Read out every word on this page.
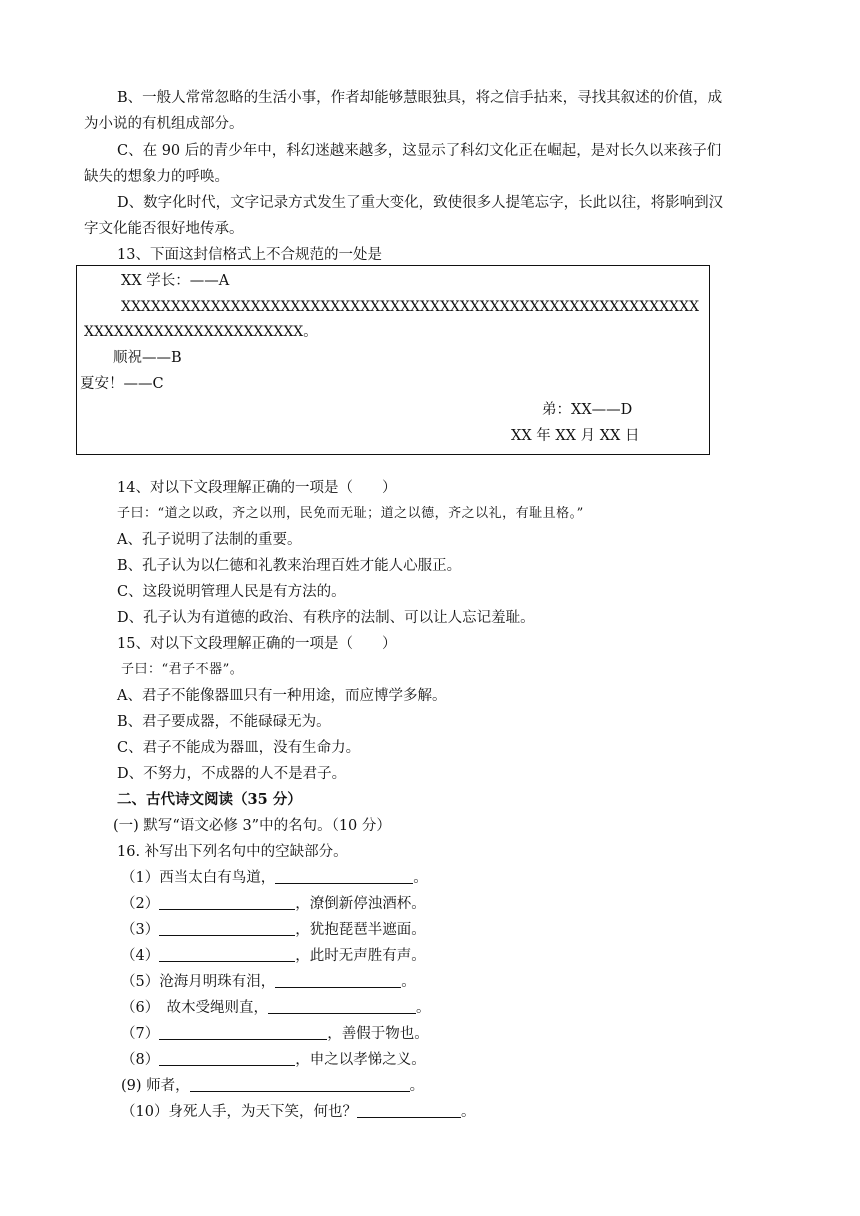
B、一般人常常忽略的生活小事，作者却能够慧眼独具，将之信手拈来，寻找其叙述的价值，成
为小说的有机组成部分。
C、在 90 后的青少年中，科幻迷越来越多，这显示了科幻文化正在崛起，是对长久以来孩子们
缺失的想象力的呼唤。
D、数字化时代，文字记录方式发生了重大变化，致使很多人提笔忘字，长此以往，将影响到汉
字文化能否很好地传承。
13、下面这封信格式上不合规范的一处是
XX 学长：——A
XXXXXXXXXXXXXXXXXXXXXXXXXXXXXXXXXXXXXXXXXXXXXXXXXXXXXXXXXX
XXXXXXXXXXXXXXXXXXXXXX。
顺祝——B
夏安！——C
弟：XX——D
XX 年 XX 月 XX 日
14、对以下文段理解正确的一项是（　　）
子曰：“道之以政，齐之以刑，民免而无耻；道之以德，齐之以礼，有耻且格。”
A、孔子说明了法制的重要。
B、孔子认为以仁德和礼教来治理百姓才能人心服正。
C、这段说明管理人民是有方法的。
D、孔子认为有道德的政治、有秩序的法制、可以让人忘记羞耻。
15、对以下文段理解正确的一项是（　　）
子曰：“君子不器”。
A、君子不能像器皿只有一种用途，而应博学多解。
B、君子要成器，不能碌碌无为。
C、君子不能成为器皿，没有生命力。
D、不努力，不成器的人不是君子。
二、古代诗文阅读（35 分）
(一) 默写“语文必修 3”中的名句。（10 分）
16. 补写出下列名句中的空缺部分。
（1）西当太白有鸟道，	。
（2）	，潦倒新停浊酒杯。
（3）	，犹抱琵琶半遮面。
（4）	，此时无声胜有声。
（5）沧海月明珠有泪，	。
（6）　故木受绳则直，	。
（7）	，善假于物也。
（8）	，申之以孝悌之义。
(9) 师者，	。
（10）身死人手，为天下笑，何也？	。
